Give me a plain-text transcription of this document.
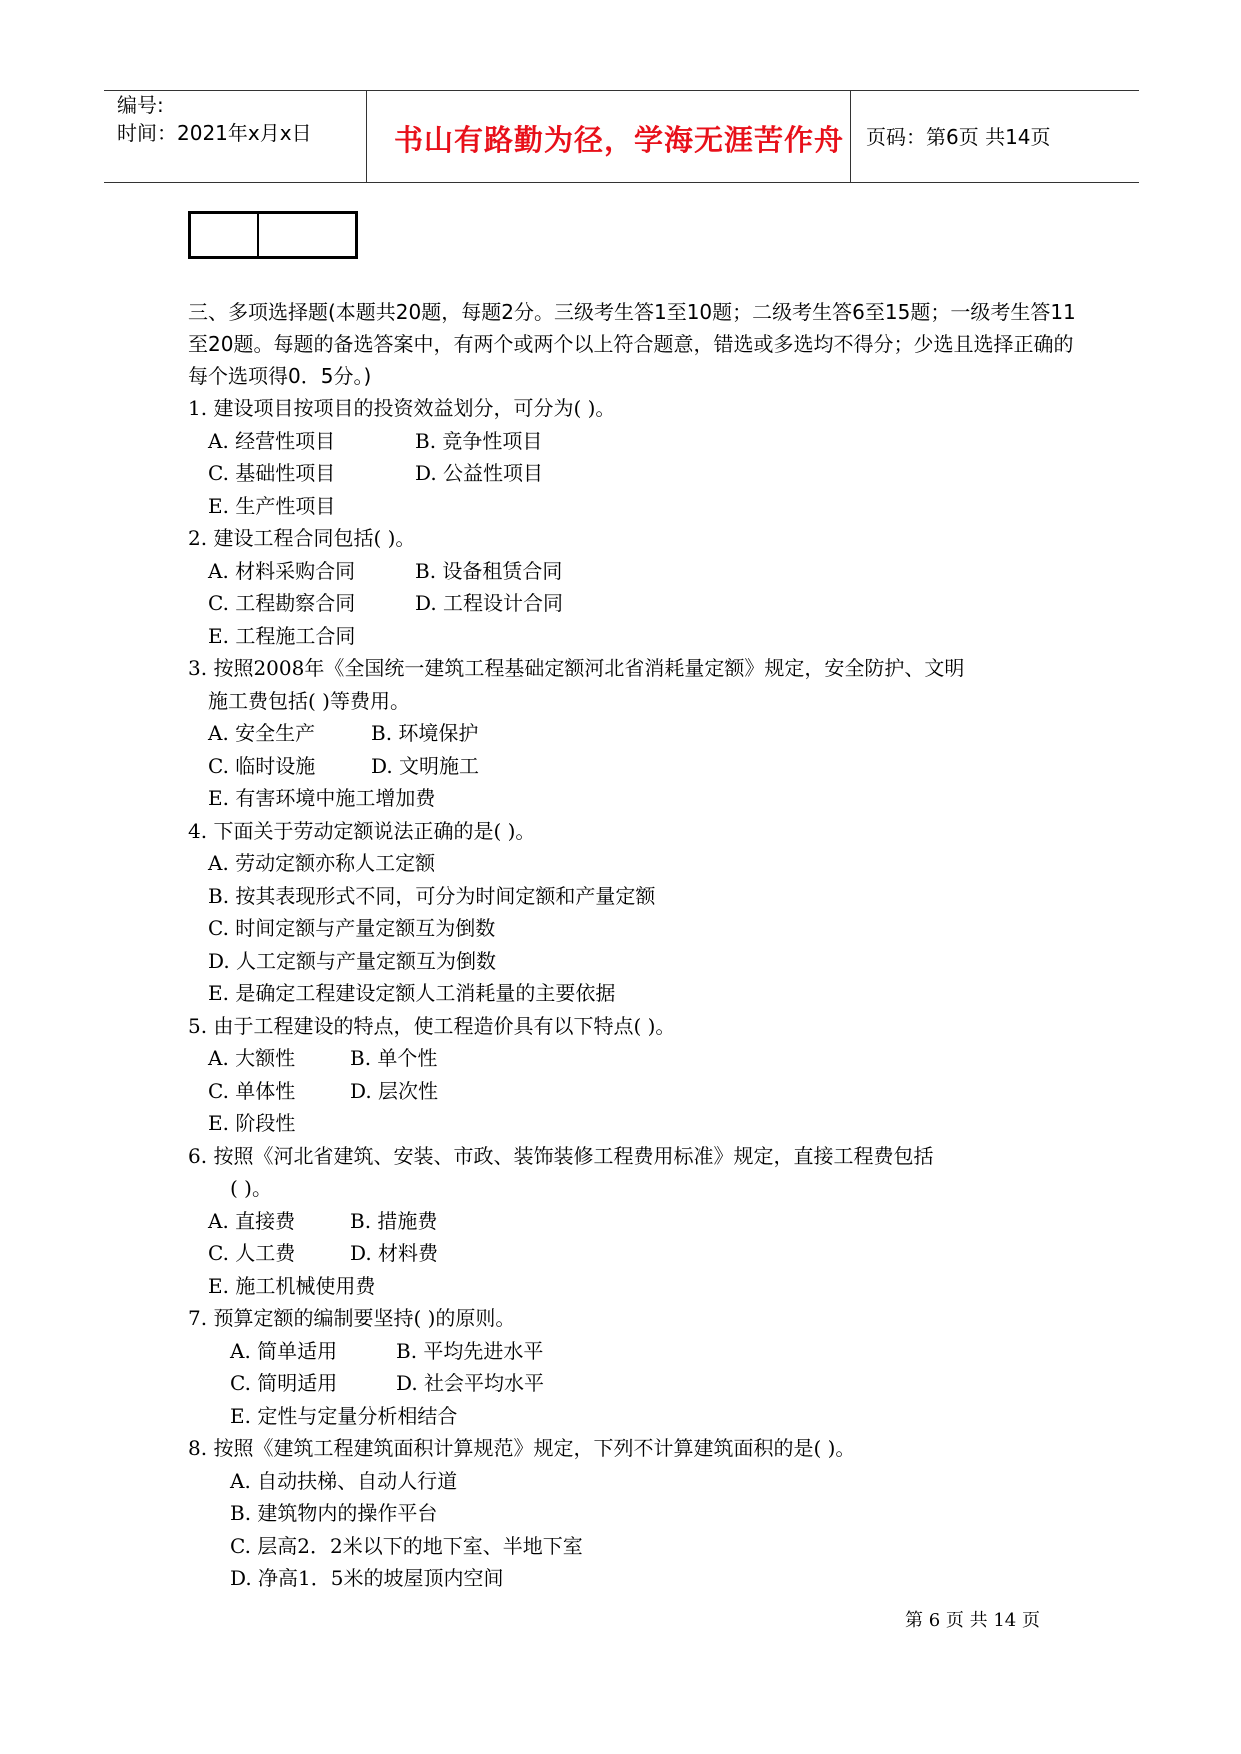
编号:
时间：2021年x月x日	书山有路勤为径，学海无涯苦作舟 页码：第6页 共14页
三、多项选择题(本题共20题，每题2分。三级考生答1至10题；二级考生答6至15题；一级考生答11至20题。每题的备选答案中，有两个或两个以上符合题意，错选或多选均不得分；少选且选择正确的每个选项得0．5分。)
1. 建设项目按项目的投资效益划分，可分为( )。
A. 经营性项目	B. 竞争性项目
C. 基础性项目	D. 公益性项目
E. 生产性项目
2. 建设工程合同包括( )。
A. 材料采购合同	B. 设备租赁合同
C. 工程勘察合同	D. 工程设计合同
E. 工程施工合同
3. 按照2008年《全国统一建筑工程基础定额河北省消耗量定额》规定，安全防护、文明
施工费包括( )等费用。
A. 安全生产	B. 环境保护
C. 临时设施	D. 文明施工
E. 有害环境中施工增加费
4. 下面关于劳动定额说法正确的是( )。
A. 劳动定额亦称人工定额
B. 按其表现形式不同，可分为时间定额和产量定额
C. 时间定额与产量定额互为倒数
D. 人工定额与产量定额互为倒数
E. 是确定工程建设定额人工消耗量的主要依据
5. 由于工程建设的特点，使工程造价具有以下特点( )。
A. 大额性	B. 单个性
C. 单体性	D. 层次性
E. 阶段性
6. 按照《河北省建筑、安装、市政、装饰装修工程费用标准》规定，直接工程费包括
( )。
A. 直接费	B. 措施费
C. 人工费	D. 材料费
E. 施工机械使用费
7. 预算定额的编制要坚持( )的原则。
A. 简单适用	B. 平均先进水平
C. 简明适用	D. 社会平均水平
E. 定性与定量分析相结合
8. 按照《建筑工程建筑面积计算规范》规定，下列不计算建筑面积的是( )。
A. 自动扶梯、自动人行道
B. 建筑物内的操作平台
C. 层高2．2米以下的地下室、半地下室
D. 净高1．5米的坡屋顶内空间
第 6 页 共 14 页
